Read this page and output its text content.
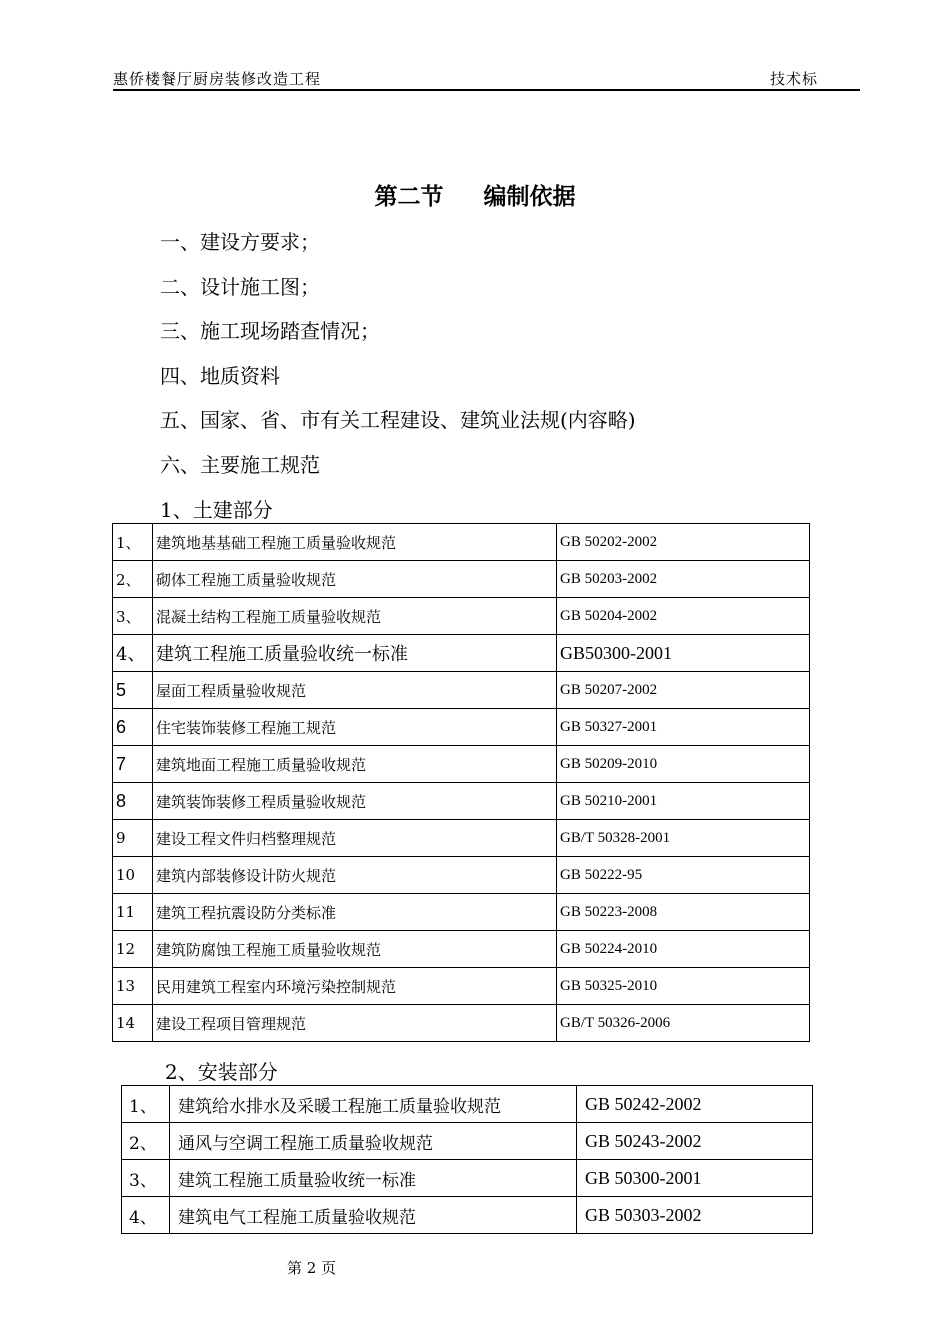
惠侨楼餐厅厨房装修改造工程	技术标
第二节 编制依据
一、建设方要求；
二、设计施工图；
三、施工现场踏查情况；
四、地质资料
五、国家、省、市有关工程建设、建筑业法规(内容略)
六、主要施工规范
1、土建部分
1、	建筑地基基础工程施工质量验收规范	GB 50202-2002
2、	砌体工程施工质量验收规范	GB 50203-2002
3、	混凝土结构工程施工质量验收规范	GB 50204-2002
4、	建筑工程施工质量验收统一标准	GB50300-2001
5	屋面工程质量验收规范	GB 50207-2002
6	住宅装饰装修工程施工规范	GB 50327-2001
7	建筑地面工程施工质量验收规范	GB 50209-2010
8	建筑装饰装修工程质量验收规范	GB 50210-2001
9	建设工程文件归档整理规范	GB/T 50328-2001
10	建筑内部装修设计防火规范	GB 50222-95
11	建筑工程抗震设防分类标准	GB 50223-2008
12	建筑防腐蚀工程施工质量验收规范	GB 50224-2010
13	民用建筑工程室内环境污染控制规范	GB 50325-2010
14	建设工程项目管理规范	GB/T 50326-2006
2、安装部分
1、	建筑给水排水及采暖工程施工质量验收规范	GB 50242-2002
2、	通风与空调工程施工质量验收规范	GB 50243-2002
3、	建筑工程施工质量验收统一标准	GB 50300-2001
4、	建筑电气工程施工质量验收规范	GB 50303-2002
第 2 页
